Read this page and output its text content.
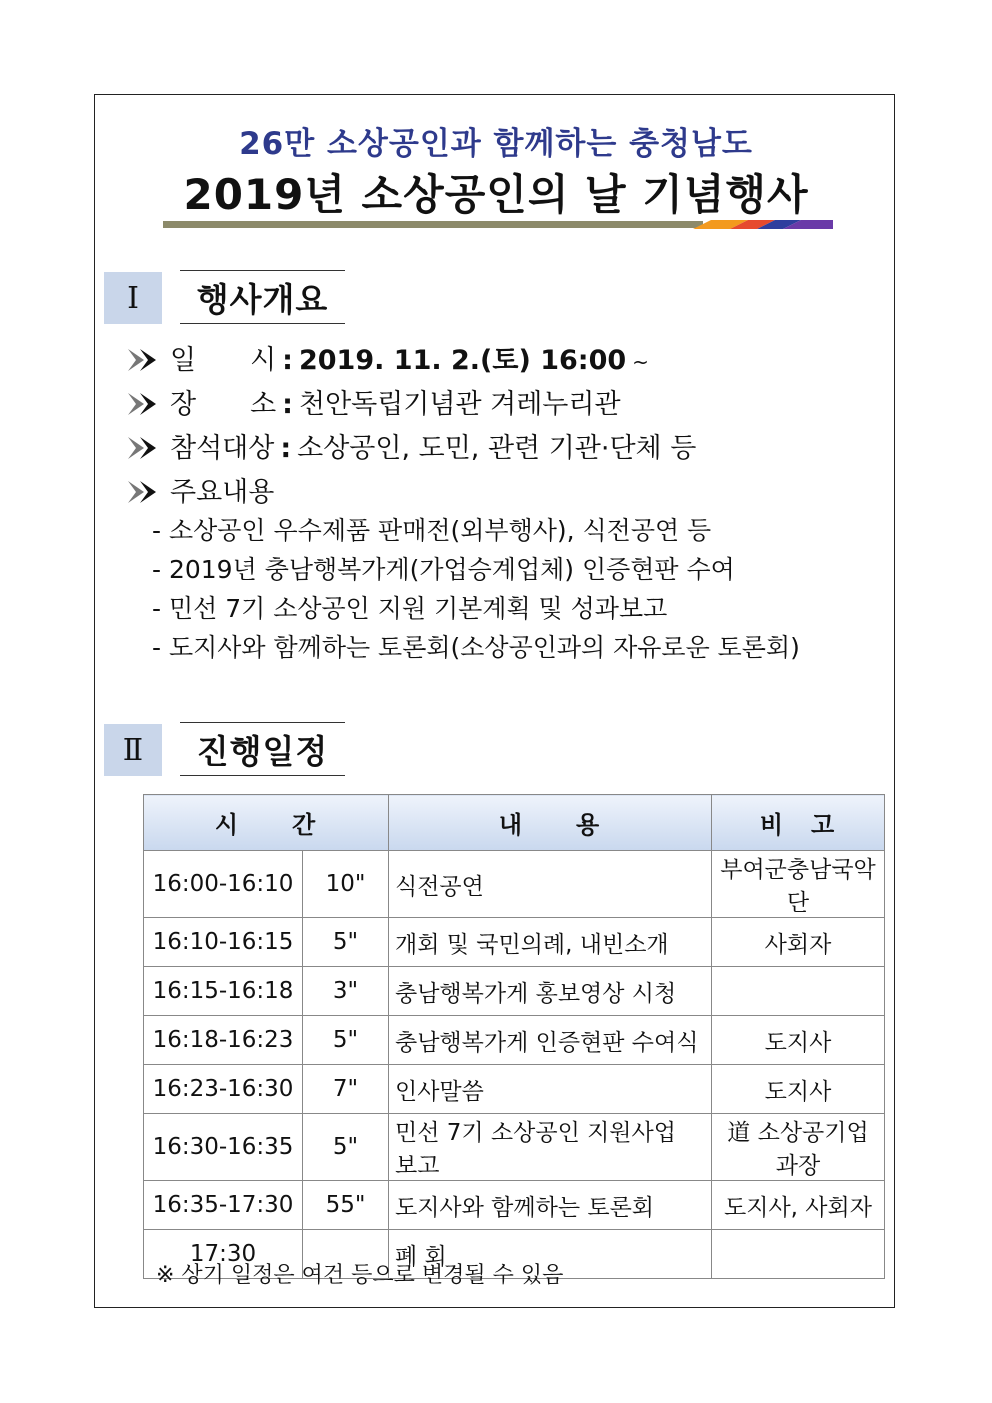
26만 소상공인과 함께하는 충청남도
2019년 소상공인의 날 기념행사
Ⅰ	행사개요
일　　시 : 2019. 11. 2.(토) 16:00 ~
장　　소 : 천안독립기념관 겨레누리관
참석대상 : 소상공인, 도민, 관련 기관·단체 등
주요내용
- 소상공인 우수제품 판매전(외부행사), 식전공연 등
- 2019년 충남행복가게(가업승계업체) 인증현판 수여
- 민선 7기 소상공인 지원 기본계획 및 성과보고
- 도지사와 함께하는 토론회(소상공인과의 자유로운 토론회)
Ⅱ	진행일정
시　　간		내　　용	비　고
16:00-16:10	10"	식전공연	부여군충남국악단
16:10-16:15	5"	개회 및 국민의례, 내빈소개	사회자
16:15-16:18	3"	충남행복가게 홍보영상 시청	
16:18-16:23	5"	충남행복가게 인증현판 수여식	도지사
16:23-16:30	7"	인사말씀	도지사
16:30-16:35	5"	민선 7기 소상공인 지원사업 보고	道 소상공기업과장
16:35-17:30	55"	도지사와 함께하는 토론회	도지사, 사회자
17:30		폐 회	
※ 상기 일정은 여건 등으로 변경될 수 있음
